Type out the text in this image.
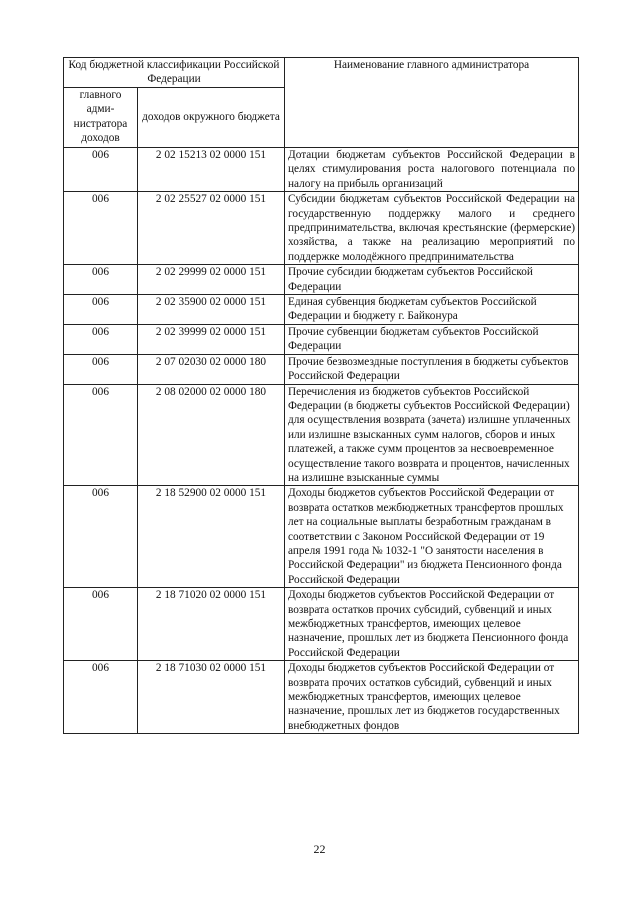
Код бюджетной классификации Российской Федерации		Наименование главного администратора
главного адми-нистратора доходов	доходов окружного бюджета	
006	2 02 15213 02 0000 151	Дотации бюджетам субъектов Российской Федерации в целях стимулирования роста налогового потенциала по налогу на прибыль организаций
006	2 02 25527 02 0000 151	Субсидии бюджетам субъектов Российской Федерации на государственную поддержку малого и среднего предпринимательства, включая крестьянские (фермерские) хозяйства, а также на реализацию мероприятий по поддержке молодёжного предпринимательства
006	2 02 29999 02 0000 151	Прочие субсидии бюджетам субъектов Российской Федерации
006	2 02 35900 02 0000 151	Единая субвенция бюджетам субъектов Российской Федерации и бюджету г. Байконура
006	2 02 39999 02 0000 151	Прочие субвенции бюджетам субъектов Российской Федерации
006	2 07 02030 02 0000 180	Прочие безвозмездные поступления в бюджеты субъектов Российской Федерации
006	2 08 02000 02 0000 180	Перечисления из бюджетов субъектов Российской Федерации (в бюджеты субъектов Российской Федерации) для осуществления возврата (зачета) излишне уплаченных или излишне взысканных сумм налогов, сборов и иных платежей, а также сумм процентов за несвоевременное осуществление такого возврата и процентов, начисленных на излишне взысканные суммы
006	2 18 52900 02 0000 151	Доходы бюджетов субъектов Российской Федерации от возврата остатков межбюджетных трансфертов прошлых лет на социальные выплаты безработным гражданам в соответствии с Законом Российской Федерации от 19 апреля 1991 года № 1032-1 "О занятости населения в Российской Федерации" из бюджета Пенсионного фонда Российской Федерации
006	2 18 71020 02 0000 151	Доходы бюджетов субъектов Российской Федерации от возврата остатков прочих субсидий, субвенций и иных межбюджетных трансфертов, имеющих целевое назначение, прошлых лет из бюджета Пенсионного фонда Российской Федерации
006	2 18 71030 02 0000 151	Доходы бюджетов субъектов Российской Федерации от возврата прочих остатков субсидий, субвенций и иных межбюджетных трансфертов, имеющих целевое назначение, прошлых лет из бюджетов государственных внебюджетных фондов
22
